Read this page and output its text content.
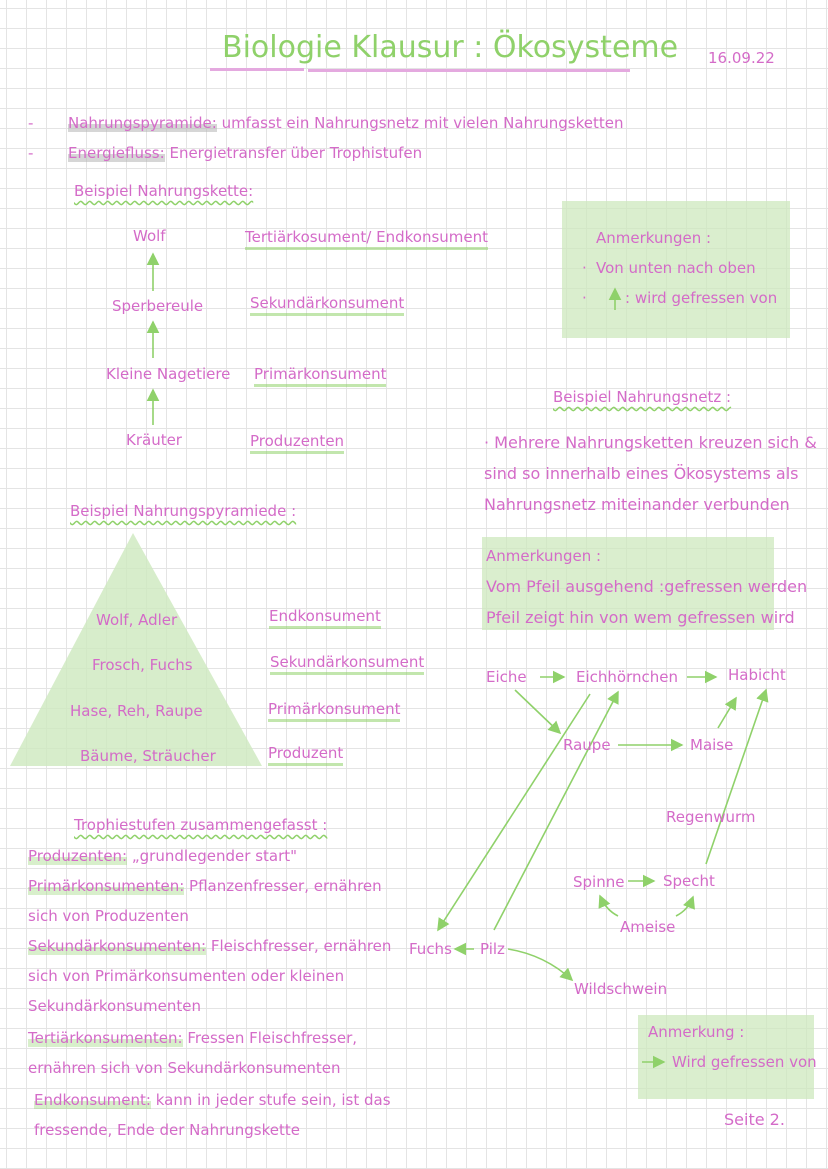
Biologie Klausur : Ökosysteme 16.09.22
- Nahrungspyramide: umfasst ein Nahrungsnetz mit vielen Nahrungsketten
- Energiefluss: Energietransfer über Trophistufen
Beispiel Nahrungskette:
Wolf	Tertiärkosument/ Endkonsument
Sperbereule	Sekundärkonsument
Kleine Nagetiere Primärkonsument
Kräuter	Produzenten
Anmerkungen :
· Von unten nach oben
·	: wird gefressen von
Beispiel Nahrungsnetz :
· Mehrere Nahrungsketten kreuzen sich &
sind so innerhalb eines Ökosystems als
Nahrungsnetz miteinander verbunden
Anmerkungen :
Vom Pfeil ausgehend :gefressen werden
Pfeil zeigt hin von wem gefressen wird
Eiche	Eichhörnchen	Habicht
Raupe	Maise
Regenwurm
Spinne	Specht
Ameise
Fuchs Pilz
Wildschwein
Beispiel Nahrungspyramiede :
Wolf, Adler	Endkonsument
Frosch, Fuchs	Sekundärkonsument
Hase, Reh, Raupe	Primärkonsument
Bäume, Sträucher	Produzent
Trophiestufen zusammengefasst :
Produzenten: „grundlegender start"
Primärkonsumenten: Pflanzenfresser, ernähren
sich von Produzenten
Sekundärkonsumenten: Fleischfresser, ernähren
sich von Primärkonsumenten oder kleinen
Sekundärkonsumenten
Tertiärkonsumenten: Fressen Fleischfresser,
ernähren sich von Sekundärkonsumenten
Endkonsument: kann in jeder stufe sein, ist das
fressende, Ende der Nahrungskette
Anmerkung :
Wird gefressen von
Seite 2.
